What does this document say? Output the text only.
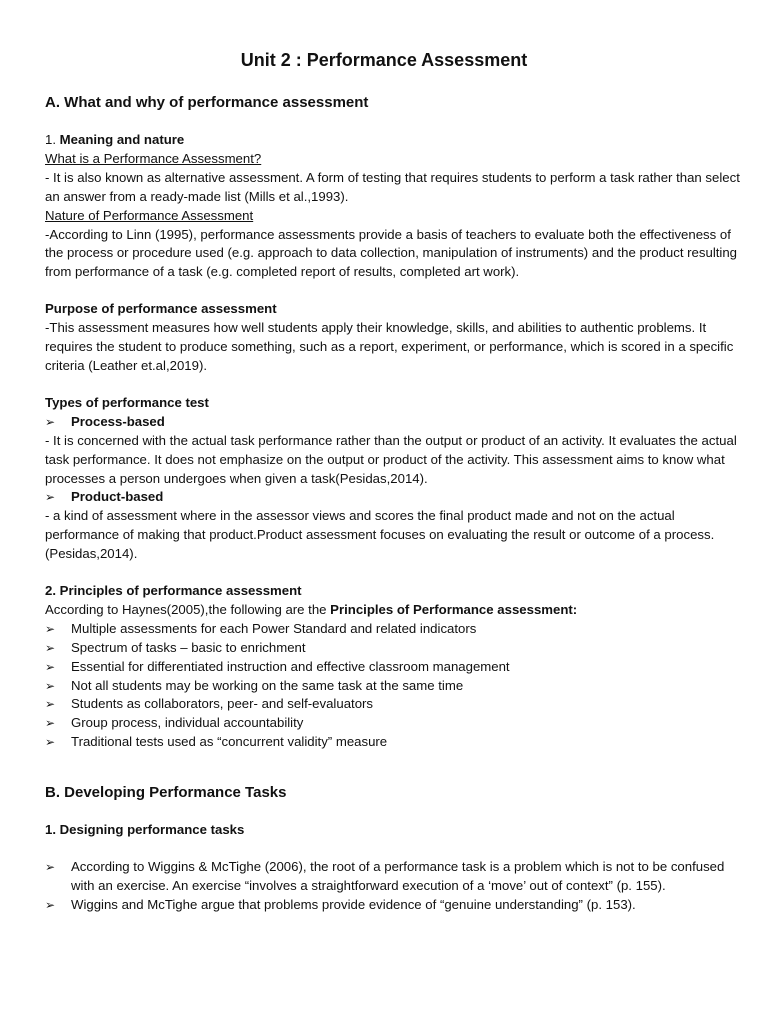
Unit 2 : Performance Assessment

A. What and why of performance assessment

1. Meaning and nature

What is a Performance Assessment?

- It is also known as alternative assessment. A form of testing that requires students to perform a task rather than select an answer from a ready-made list (Mills et al.,1993).

Nature of Performance Assessment

-According to Linn (1995), performance assessments provide a basis of teachers to evaluate both the effectiveness of the process or procedure used (e.g. approach to data collection, manipulation of instruments) and the product resulting from performance of a task (e.g. completed report of results, completed art work).

Purpose of performance assessment

-This assessment measures how well students apply their knowledge, skills, and abilities to authentic problems. It requires the student to produce something, such as a report, experiment, or performance, which is scored in a specific criteria (Leather et.al,2019).

Types of performance test

➢ Process-based

- It is concerned with the actual task performance rather than the output or product of an activity. It evaluates the actual task performance. It does not emphasize on the output or product of the activity. This assessment aims to know what processes a person undergoes when given a task(Pesidas,2014).

➢ Product-based

- a kind of assessment where in the assessor views and scores the final product made and not on the actual performance of making that product.Product assessment focuses on evaluating the result or outcome of a process. (Pesidas,2014).

2. Principles of performance assessment

According to Haynes(2005),the following are the Principles of Performance assessment:

➢ Multiple assessments for each Power Standard and related indicators

➢ Spectrum of tasks – basic to enrichment

➢ Essential for differentiated instruction and effective classroom management

➢ Not all students may be working on the same task at the same time

➢ Students as collaborators, peer- and self-evaluators

➢ Group process, individual accountability

➢ Traditional tests used as “concurrent validity” measure

B. Developing Performance Tasks

1. Designing performance tasks

➢ According to Wiggins & McTighe (2006), the root of a performance task is a problem which is not to be confused with an exercise. An exercise “involves a straightforward execution of a ‘move’ out of context” (p. 155).

➢ Wiggins and McTighe argue that problems provide evidence of “genuine understanding” (p. 153).
